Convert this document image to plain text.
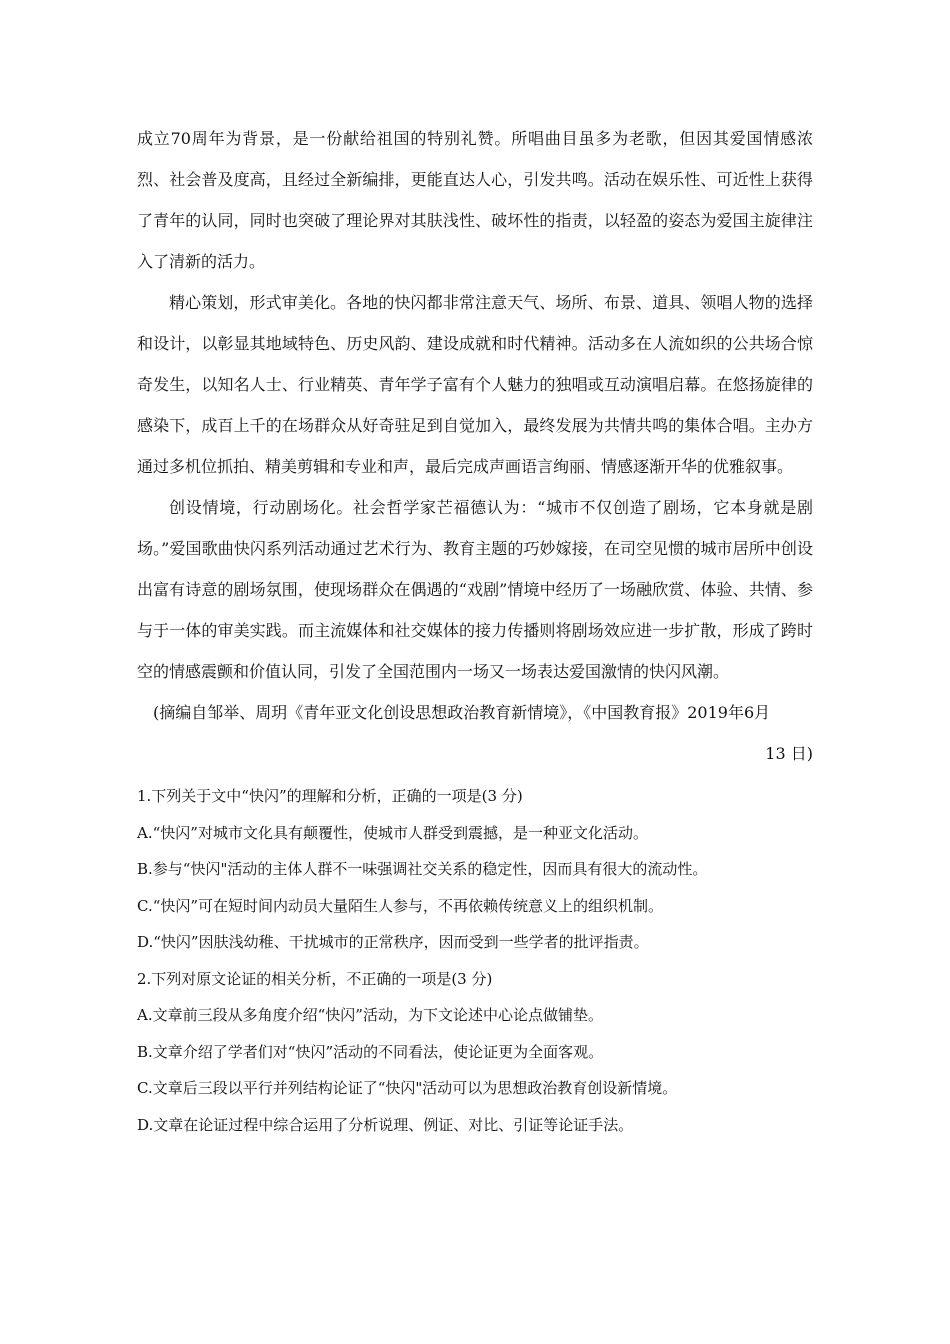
成立70周年为背景，是一份献给祖国的特别礼赞。所唱曲目虽多为老歌，但因其爱国情感浓烈、社会普及度高，且经过全新编排，更能直达人心，引发共鸣。活动在娱乐性、可近性上获得了青年的认同，同时也突破了理论界对其肤浅性、破坏性的指责，以轻盈的姿态为爱国主旋律注入了清新的活力。

精心策划，形式审美化。各地的快闪都非常注意天气、场所、布景、道具、领唱人物的选择和设计，以彰显其地域特色、历史风韵、建设成就和时代精神。活动多在人流如织的公共场合惊奇发生，以知名人士、行业精英、青年学子富有个人魅力的独唱或互动演唱启幕。在悠扬旋律的感染下，成百上千的在场群众从好奇驻足到自觉加入，最终发展为共情共鸣的集体合唱。主办方通过多机位抓拍、精美剪辑和专业和声，最后完成声画语言绚丽、情感逐渐开华的优雅叙事。

创设情境，行动剧场化。社会哲学家芒福德认为：“城市不仅创造了剧场，它本身就是剧场。”爱国歌曲快闪系列活动通过艺术行为、教育主题的巧妙嫁接，在司空见惯的城市居所中创设出富有诗意的剧场氛围，使现场群众在偶遇的“戏剧”情境中经历了一场融欣赏、体验、共情、参与于一体的审美实践。而主流媒体和社交媒体的接力传播则将剧场效应进一步扩散，形成了跨时空的情感震颤和价值认同，引发了全国范围内一场又一场表达爱国激情的快闪风潮。

(摘编自邹举、周玥《青年亚文化创设思想政治教育新情境》，《中国教育报》2019年6月

13 日)

1.下列关于文中“快闪”的理解和分析，正确的一项是(3 分)

A.“快闪”对城市文化具有颠覆性，使城市人群受到震撼，是一种亚文化活动。

B.参与“快闪"活动的主体人群不一味强调社交关系的稳定性，因而具有很大的流动性。

C.“快闪”可在短时间内动员大量陌生人参与，不再依赖传统意义上的组织机制。

D.“快闪”因肤浅幼稚、干扰城市的正常秩序，因而受到一些学者的批评指责。

2.下列对原文论证的相关分析，不正确的一项是(3 分)

A.文章前三段从多角度介绍“快闪”活动，为下文论述中心论点做铺垫。

B.文章介绍了学者们对“快闪”活动的不同看法，使论证更为全面客观。

C.文章后三段以平行并列结构论证了“快闪"活动可以为思想政治教育创设新情境。

D.文章在论证过程中综合运用了分析说理、例证、对比、引证等论证手法。
